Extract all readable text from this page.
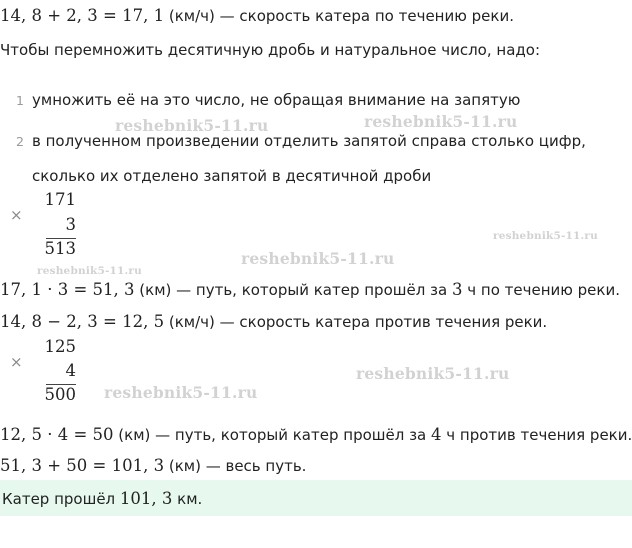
14, 8 + 2, 3 = 17, 1 (км/ч) — скорость катера по течению реки.
Чтобы перемножить десятичную дробь и натуральное число, надо:
1 умножить её на это число, не обращая внимание на запятую
2 в полученном произведении отделить запятой справа столько цифр,
сколько их отделено запятой в десятичной дроби
×
171
3
513
17, 1 · 3 = 51, 3 (км) — путь, который катер прошёл за 3 ч по течению реки.
14, 8 − 2, 3 = 12, 5 (км/ч) — скорость катера против течения реки.
×
125
4
500
12, 5 · 4 = 50 (км) — путь, который катер прошёл за 4 ч против течения реки.
51, 3 + 50 = 101, 3 (км) — весь путь.
Катер прошёл 101, 3 км.
reshebnik5-11.ru	reshebnik5-11.ru
reshebnik5-11.ru
reshebnik5-11.ru
reshebnik5-11.ru
reshebnik5-11.ru
reshebnik5-11.ru
